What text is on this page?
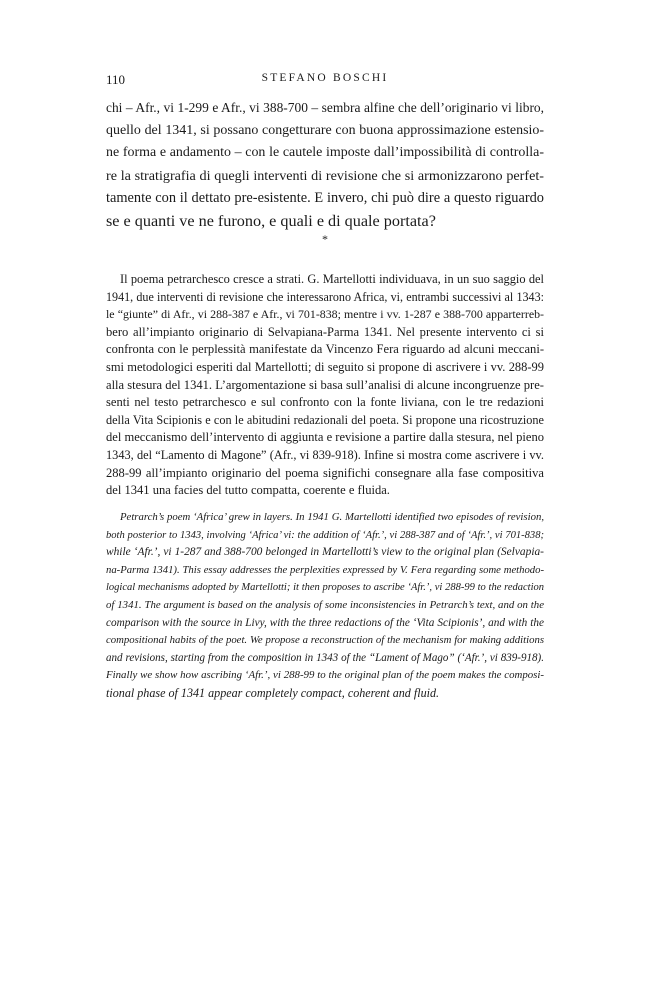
110	STEFANO BOSCHI
chi – Afr., vi 1-299 e Afr., vi 388-700 – sembra alfine che dell’originario vi libro,
quello del 1341, si possano congetturare con buona approssimazione estensio-
ne forma e andamento – con le cautele imposte dall’impossibilità di controlla-
re la stratigrafia di quegli interventi di revisione che si armonizzarono perfet-
tamente con il dettato pre-esistente. E invero, chi può dire a questo riguardo
se e quanti ve ne furono, e quali e di quale portata?
*
Il poema petrarchesco cresce a strati. G. Martellotti individuava, in un suo saggio del
1941, due interventi di revisione che interessarono Africa, vi, entrambi successivi al 1343:
le “giunte” di Afr., vi 288-387 e Afr., vi 701-838; mentre i vv. 1-287 e 388-700 apparterreb-
bero all’impianto originario di Selvapiana-Parma 1341. Nel presente intervento ci si
confronta con le perplessità manifestate da Vincenzo Fera riguardo ad alcuni meccani-
smi metodologici esperiti dal Martellotti; di seguito si propone di ascrivere i vv. 288-99
alla stesura del 1341. L’argomentazione si basa sull’analisi di alcune incongruenze pre-
senti nel testo petrarchesco e sul confronto con la fonte liviana, con le tre redazioni
della Vita Scipionis e con le abitudini redazionali del poeta. Si propone una ricostruzione
del meccanismo dell’intervento di aggiunta e revisione a partire dalla stesura, nel pieno
1343, del “Lamento di Magone” (Afr., vi 839-918). Infine si mostra come ascrivere i vv.
288-99 all’impianto originario del poema significhi consegnare alla fase compositiva
del 1341 una facies del tutto compatta, coerente e fluida.
Petrarch’s poem ‘Africa’ grew in layers. In 1941 G. Martellotti identified two episodes of revision,
both posterior to 1343, involving ‘Africa’ vi: the addition of ‘Afr.’, vi 288-387 and of ‘Afr.’, vi 701-838;
while ‘Afr.’, vi 1-287 and 388-700 belonged in Martellotti’s view to the original plan (Selvapia-
na-Parma 1341). This essay addresses the perplexities expressed by V. Fera regarding some methodo-
logical mechanisms adopted by Martellotti; it then proposes to ascribe ‘Afr.’, vi 288-99 to the redaction
of 1341. The argument is based on the analysis of some inconsistencies in Petrarch’s text, and on the
comparison with the source in Livy, with the three redactions of the ‘Vita Scipionis’, and with the
compositional habits of the poet. We propose a reconstruction of the mechanism for making additions
and revisions, starting from the composition in 1343 of the “Lament of Mago” (‘Afr.’, vi 839-918).
Finally we show how ascribing ‘Afr.’, vi 288-99 to the original plan of the poem makes the composi-
tional phase of 1341 appear completely compact, coherent and fluid.
